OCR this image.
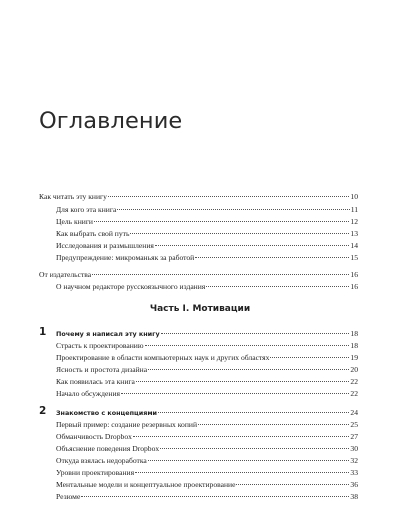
Оглавление
Как читать эту книгу	10
Для кого эта книга	11
Цель книги	12
Как выбрать свой путь	13
Исследования и размышления	14
Предупреждение: микроманьяк за работой	15
От издательства	16
О научном редакторе русскоязычного издания	16
Часть I. Мотивации
1 Почему я написал эту книгу	18
Страсть к проектированию	18
Проектирование в области компьютерных наук и других областях	19
Ясность и простота дизайна	20
Как появилась эта книга	22
Начало обсуждения	22
2 Знакомство с концепциями	24
Первый пример: создание резервных копий	25
Обманчивость Dropbox	27
Объяснение поведения Dropbox	30
Откуда взялась недоработка	32
Уровни проектирования	33
Ментальные модели и концептуальное проектирование	36
Резюме	38
